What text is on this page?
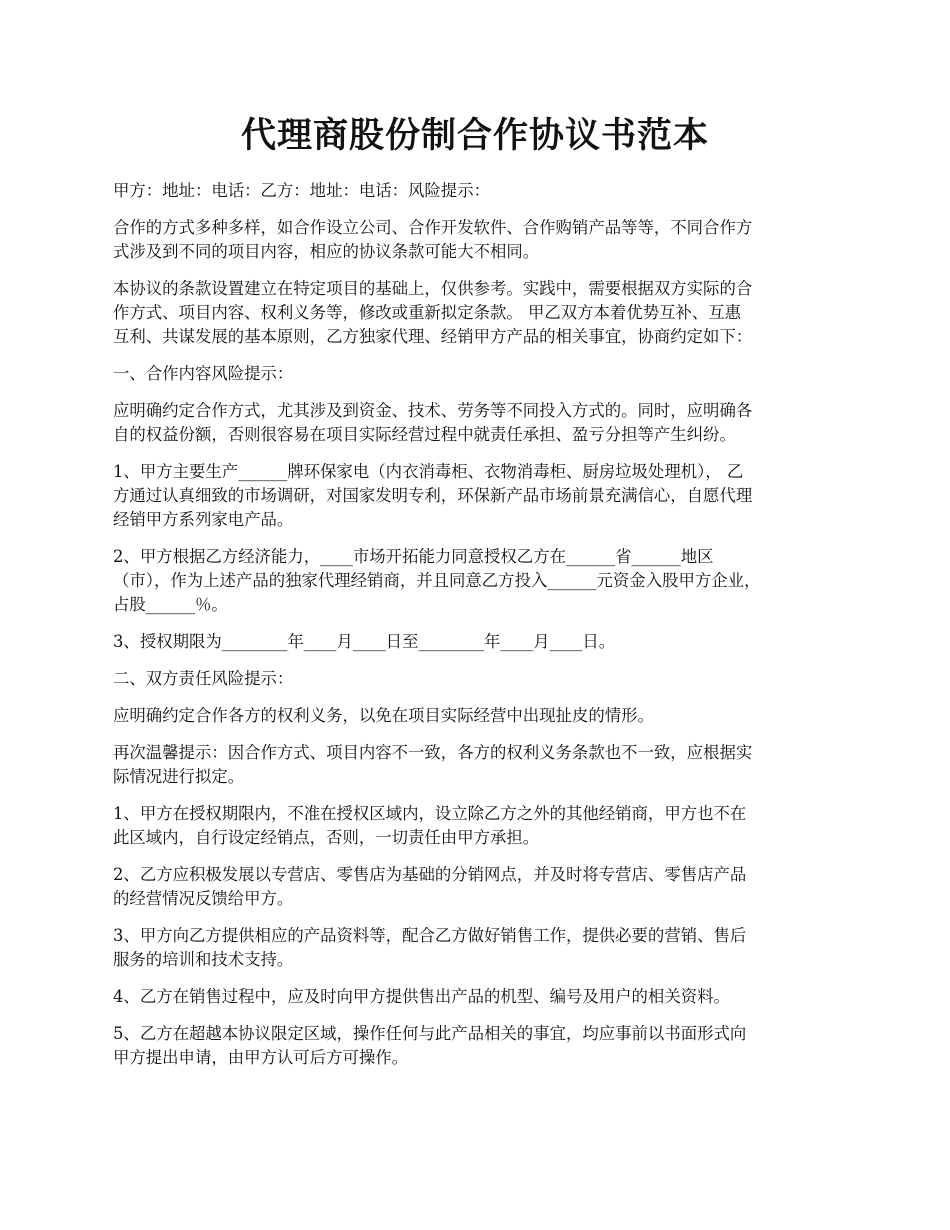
代理商股份制合作协议书范本

甲方：地址：电话：乙方：地址：电话：风险提示：

合作的方式多种多样，如合作设立公司、合作开发软件、合作购销产品等等，不同合作方
式涉及到不同的项目内容，相应的协议条款可能大不相同。

本协议的条款设置建立在特定项目的基础上，仅供参考。实践中，需要根据双方实际的合
作方式、项目内容、权利义务等，修改或重新拟定条款。 甲乙双方本着优势互补、互惠
互利、共谋发展的基本原则，乙方独家代理、经销甲方产品的相关事宜，协商约定如下：

一、合作内容风险提示：

应明确约定合作方式，尤其涉及到资金、技术、劳务等不同投入方式的。同时，应明确各
自的权益份额，否则很容易在项目实际经营过程中就责任承担、盈亏分担等产生纠纷。

1、甲方主要生产______牌环保家电（内衣消毒柜、衣物消毒柜、厨房垃圾处理机）， 乙
方通过认真细致的市场调研，对国家发明专利，环保新产品市场前景充满信心，自愿代理
经销甲方系列家电产品。

2、甲方根据乙方经济能力，____市场开拓能力同意授权乙方在______省______地区
（市），作为上述产品的独家代理经销商，并且同意乙方投入______元资金入股甲方企业，
占股______％。

3、授权期限为________年____月____日至________年____月____日。

二、双方责任风险提示：

应明确约定合作各方的权利义务，以免在项目实际经营中出现扯皮的情形。

再次温馨提示：因合作方式、项目内容不一致，各方的权利义务条款也不一致，应根据实
际情况进行拟定。

1、甲方在授权期限内，不准在授权区域内，设立除乙方之外的其他经销商，甲方也不在
此区域内，自行设定经销点，否则，一切责任由甲方承担。

2、乙方应积极发展以专营店、零售店为基础的分销网点，并及时将专营店、零售店产品
的经营情况反馈给甲方。

3、甲方向乙方提供相应的产品资料等，配合乙方做好销售工作，提供必要的营销、售后
服务的培训和技术支持。

4、乙方在销售过程中，应及时向甲方提供售出产品的机型、编号及用户的相关资料。

5、乙方在超越本协议限定区域，操作任何与此产品相关的事宜，均应事前以书面形式向
甲方提出申请，由甲方认可后方可操作。
